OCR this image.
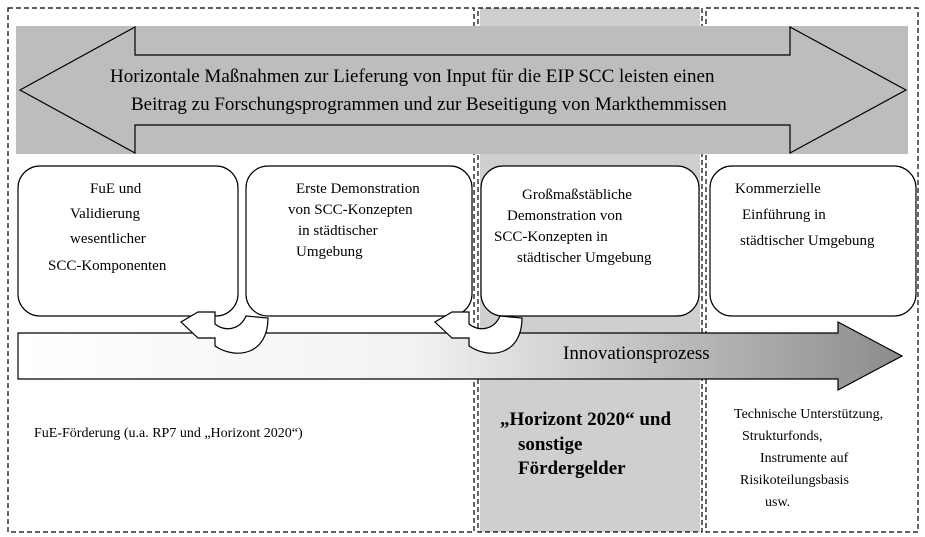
Horizontale Maßnahmen zur Lieferung von Input für die EIP SCC leisten einen
Beitrag zu Forschungsprogrammen und zur Beseitigung von Markthemmissen
FuE und
Validierung
wesentlicher
SCC-Komponenten
Erste Demonstration
von SCC-Konzepten
in städtischer
Umgebung
Großmaßstäbliche
Demonstration von
SCC-Konzepten in
städtischer Umgebung
Kommerzielle
Einführung in
städtischer Umgebung
Innovationsprozess
FuE-Förderung (u.a. RP7 und „Horizont 2020“)
„Horizont 2020“ und
sonstige
Fördergelder
Technische Unterstützung,
Strukturfonds,
Instrumente auf
Risikoteilungsbasis
usw.
